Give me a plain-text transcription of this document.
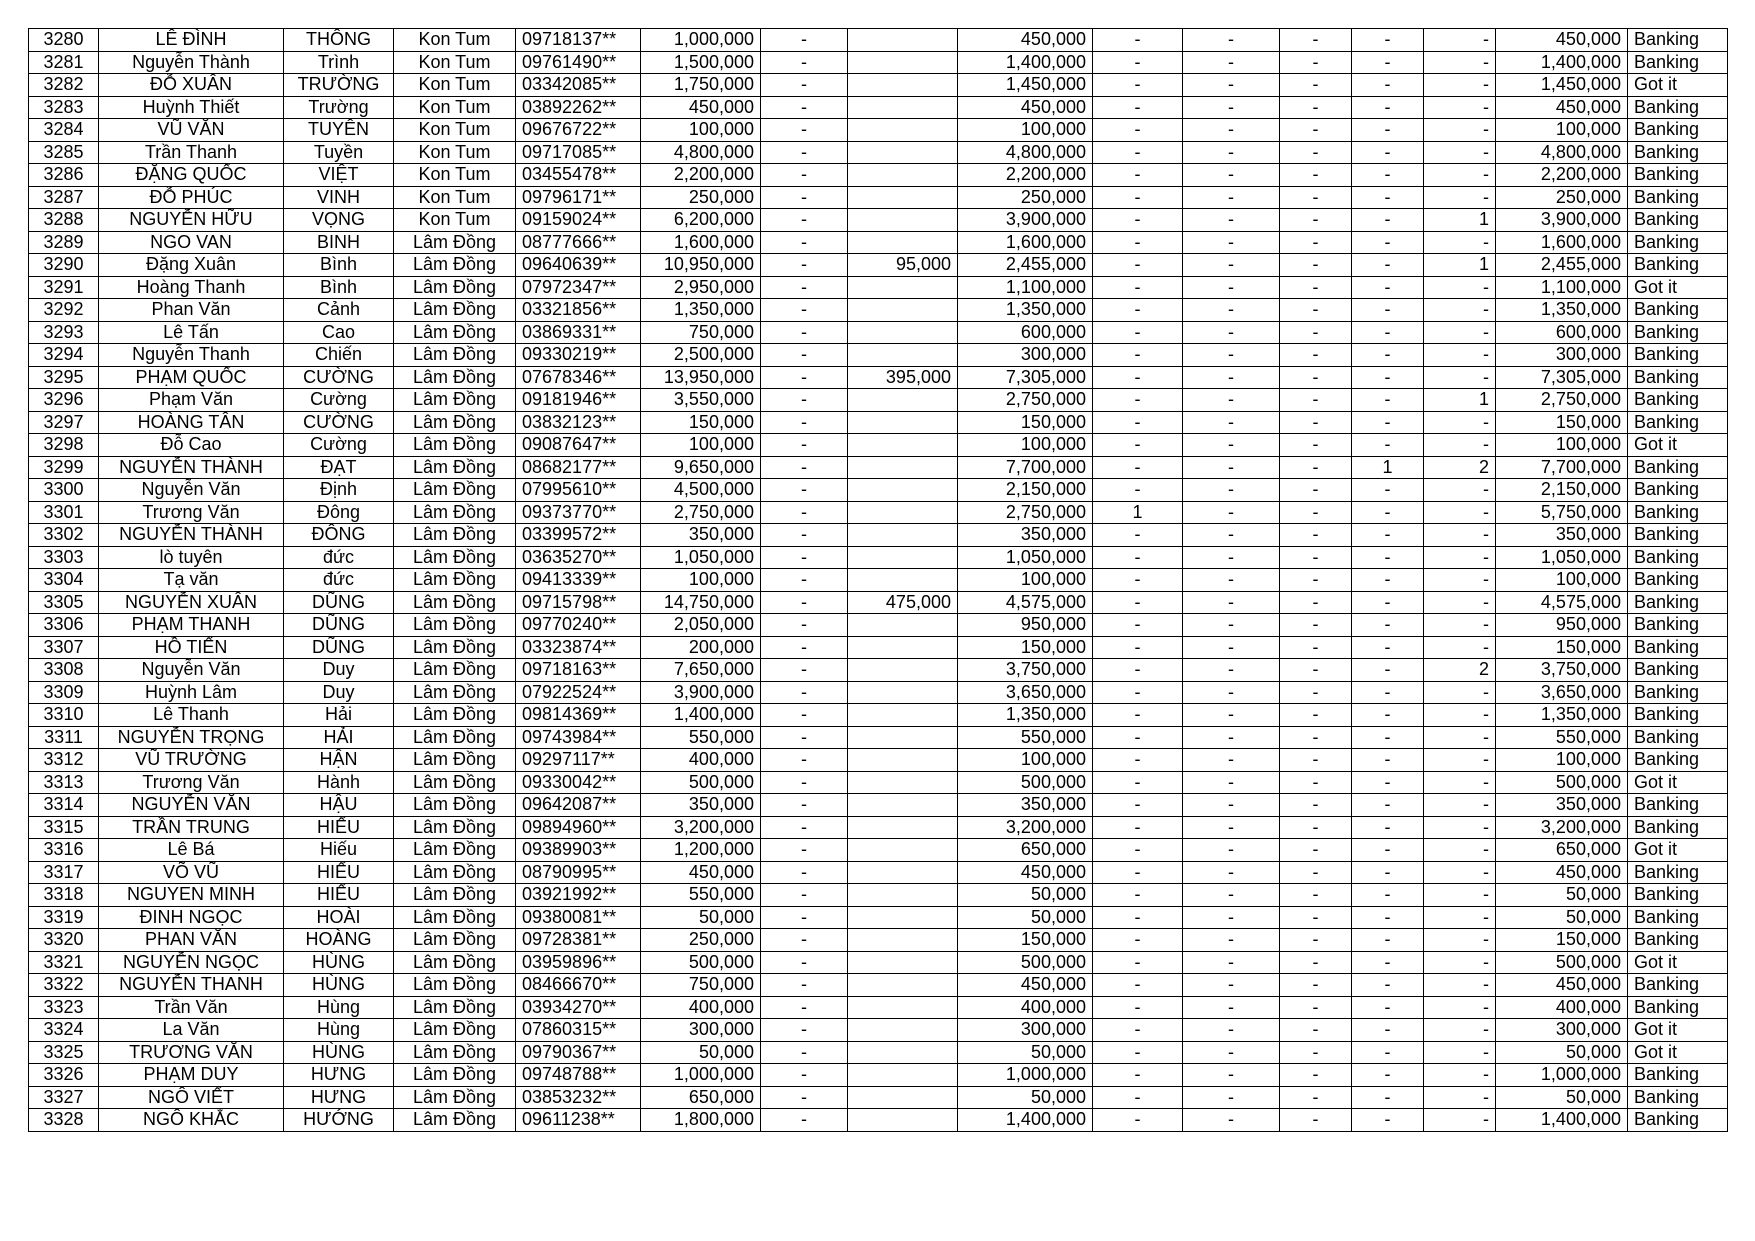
3280	LÊ ĐÌNH	THÔNG	Kon Tum	09718137**	1,000,000	-		450,000	-	-	-	-	-	450,000	Banking
3281	Nguyễn Thành	Trình	Kon Tum	09761490**	1,500,000	-		1,400,000	-	-	-	-	-	1,400,000	Banking
3282	ĐỖ XUÂN	TRƯỜNG	Kon Tum	03342085**	1,750,000	-		1,450,000	-	-	-	-	-	1,450,000	Got it
3283	Huỳnh Thiết	Trường	Kon Tum	03892262**	450,000	-		450,000	-	-	-	-	-	450,000	Banking
3284	VŨ VĂN	TUYÊN	Kon Tum	09676722**	100,000	-		100,000	-	-	-	-	-	100,000	Banking
3285	Trần Thanh	Tuyền	Kon Tum	09717085**	4,800,000	-		4,800,000	-	-	-	-	-	4,800,000	Banking
3286	ĐẶNG QUỐC	VIỆT	Kon Tum	03455478**	2,200,000	-		2,200,000	-	-	-	-	-	2,200,000	Banking
3287	ĐỖ PHÚC	VINH	Kon Tum	09796171**	250,000	-		250,000	-	-	-	-	-	250,000	Banking
3288	NGUYỄN HỮU	VỌNG	Kon Tum	09159024**	6,200,000	-		3,900,000	-	-	-	-	1	3,900,000	Banking
3289	NGO VAN	BINH	Lâm Đồng	08777666**	1,600,000	-		1,600,000	-	-	-	-	-	1,600,000	Banking
3290	Đặng Xuân	Bình	Lâm Đồng	09640639**	10,950,000	-	95,000	2,455,000	-	-	-	-	1	2,455,000	Banking
3291	Hoàng Thanh	Bình	Lâm Đồng	07972347**	2,950,000	-		1,100,000	-	-	-	-	-	1,100,000	Got it
3292	Phan Văn	Cảnh	Lâm Đồng	03321856**	1,350,000	-		1,350,000	-	-	-	-	-	1,350,000	Banking
3293	Lê Tấn	Cao	Lâm Đồng	03869331**	750,000	-		600,000	-	-	-	-	-	600,000	Banking
3294	Nguyễn Thanh	Chiến	Lâm Đồng	09330219**	2,500,000	-		300,000	-	-	-	-	-	300,000	Banking
3295	PHẠM QUỐC	CƯỜNG	Lâm Đồng	07678346**	13,950,000	-	395,000	7,305,000	-	-	-	-	-	7,305,000	Banking
3296	Phạm Văn	Cường	Lâm Đồng	09181946**	3,550,000	-		2,750,000	-	-	-	-	1	2,750,000	Banking
3297	HOÀNG TÂN	CƯỜNG	Lâm Đồng	03832123**	150,000	-		150,000	-	-	-	-	-	150,000	Banking
3298	Đỗ Cao	Cường	Lâm Đồng	09087647**	100,000	-		100,000	-	-	-	-	-	100,000	Got it
3299	NGUYỄN THÀNH	ĐẠT	Lâm Đồng	08682177**	9,650,000	-		7,700,000	-	-	-	1	2	7,700,000	Banking
3300	Nguyễn Văn	Định	Lâm Đồng	07995610**	4,500,000	-		2,150,000	-	-	-	-	-	2,150,000	Banking
3301	Trương Văn	Đông	Lâm Đồng	09373770**	2,750,000	-		2,750,000	1	-	-	-	-	5,750,000	Banking
3302	NGUYỄN THÀNH	ĐÔNG	Lâm Đồng	03399572**	350,000	-		350,000	-	-	-	-	-	350,000	Banking
3303	lò tuyên	đức	Lâm Đồng	03635270**	1,050,000	-		1,050,000	-	-	-	-	-	1,050,000	Banking
3304	Tạ văn	đức	Lâm Đồng	09413339**	100,000	-		100,000	-	-	-	-	-	100,000	Banking
3305	NGUYỄN XUÂN	DŨNG	Lâm Đồng	09715798**	14,750,000	-	475,000	4,575,000	-	-	-	-	-	4,575,000	Banking
3306	PHẠM THANH	DŨNG	Lâm Đồng	09770240**	2,050,000	-		950,000	-	-	-	-	-	950,000	Banking
3307	HỒ TIẾN	DŨNG	Lâm Đồng	03323874**	200,000	-		150,000	-	-	-	-	-	150,000	Banking
3308	Nguyễn Văn	Duy	Lâm Đồng	09718163**	7,650,000	-		3,750,000	-	-	-	-	2	3,750,000	Banking
3309	Huỳnh Lâm	Duy	Lâm Đồng	07922524**	3,900,000	-		3,650,000	-	-	-	-	-	3,650,000	Banking
3310	Lê Thanh	Hải	Lâm Đồng	09814369**	1,400,000	-		1,350,000	-	-	-	-	-	1,350,000	Banking
3311	NGUYỄN TRỌNG	HẢI	Lâm Đồng	09743984**	550,000	-		550,000	-	-	-	-	-	550,000	Banking
3312	VŨ TRƯỜNG	HẬN	Lâm Đồng	09297117**	400,000	-		100,000	-	-	-	-	-	100,000	Banking
3313	Trương Văn	Hành	Lâm Đồng	09330042**	500,000	-		500,000	-	-	-	-	-	500,000	Got it
3314	NGUYỄN VĂN	HẬU	Lâm Đồng	09642087**	350,000	-		350,000	-	-	-	-	-	350,000	Banking
3315	TRẦN TRUNG	HIẾU	Lâm Đồng	09894960**	3,200,000	-		3,200,000	-	-	-	-	-	3,200,000	Banking
3316	Lê Bá	Hiếu	Lâm Đồng	09389903**	1,200,000	-		650,000	-	-	-	-	-	650,000	Got it
3317	VÕ VŨ	HIẾU	Lâm Đồng	08790995**	450,000	-		450,000	-	-	-	-	-	450,000	Banking
3318	NGUYEN MINH	HIẾU	Lâm Đồng	03921992**	550,000	-		50,000	-	-	-	-	-	50,000	Banking
3319	ĐINH NGỌC	HOÀI	Lâm Đồng	09380081**	50,000	-		50,000	-	-	-	-	-	50,000	Banking
3320	PHAN VĂN	HOÀNG	Lâm Đồng	09728381**	250,000	-		150,000	-	-	-	-	-	150,000	Banking
3321	NGUYỄN NGỌC	HÙNG	Lâm Đồng	03959896**	500,000	-		500,000	-	-	-	-	-	500,000	Got it
3322	NGUYỄN THANH	HÙNG	Lâm Đồng	08466670**	750,000	-		450,000	-	-	-	-	-	450,000	Banking
3323	Trần Văn	Hùng	Lâm Đồng	03934270**	400,000	-		400,000	-	-	-	-	-	400,000	Banking
3324	La Văn	Hùng	Lâm Đồng	07860315**	300,000	-		300,000	-	-	-	-	-	300,000	Got it
3325	TRƯƠNG VĂN	HÙNG	Lâm Đồng	09790367**	50,000	-		50,000	-	-	-	-	-	50,000	Got it
3326	PHẠM DUY	HƯNG	Lâm Đồng	09748788**	1,000,000	-		1,000,000	-	-	-	-	-	1,000,000	Banking
3327	NGÔ VIẾT	HƯNG	Lâm Đồng	03853232**	650,000	-		50,000	-	-	-	-	-	50,000	Banking
3328	NGÔ KHẮC	HƯỚNG	Lâm Đồng	09611238**	1,800,000	-		1,400,000	-	-	-	-	-	1,400,000	Banking
